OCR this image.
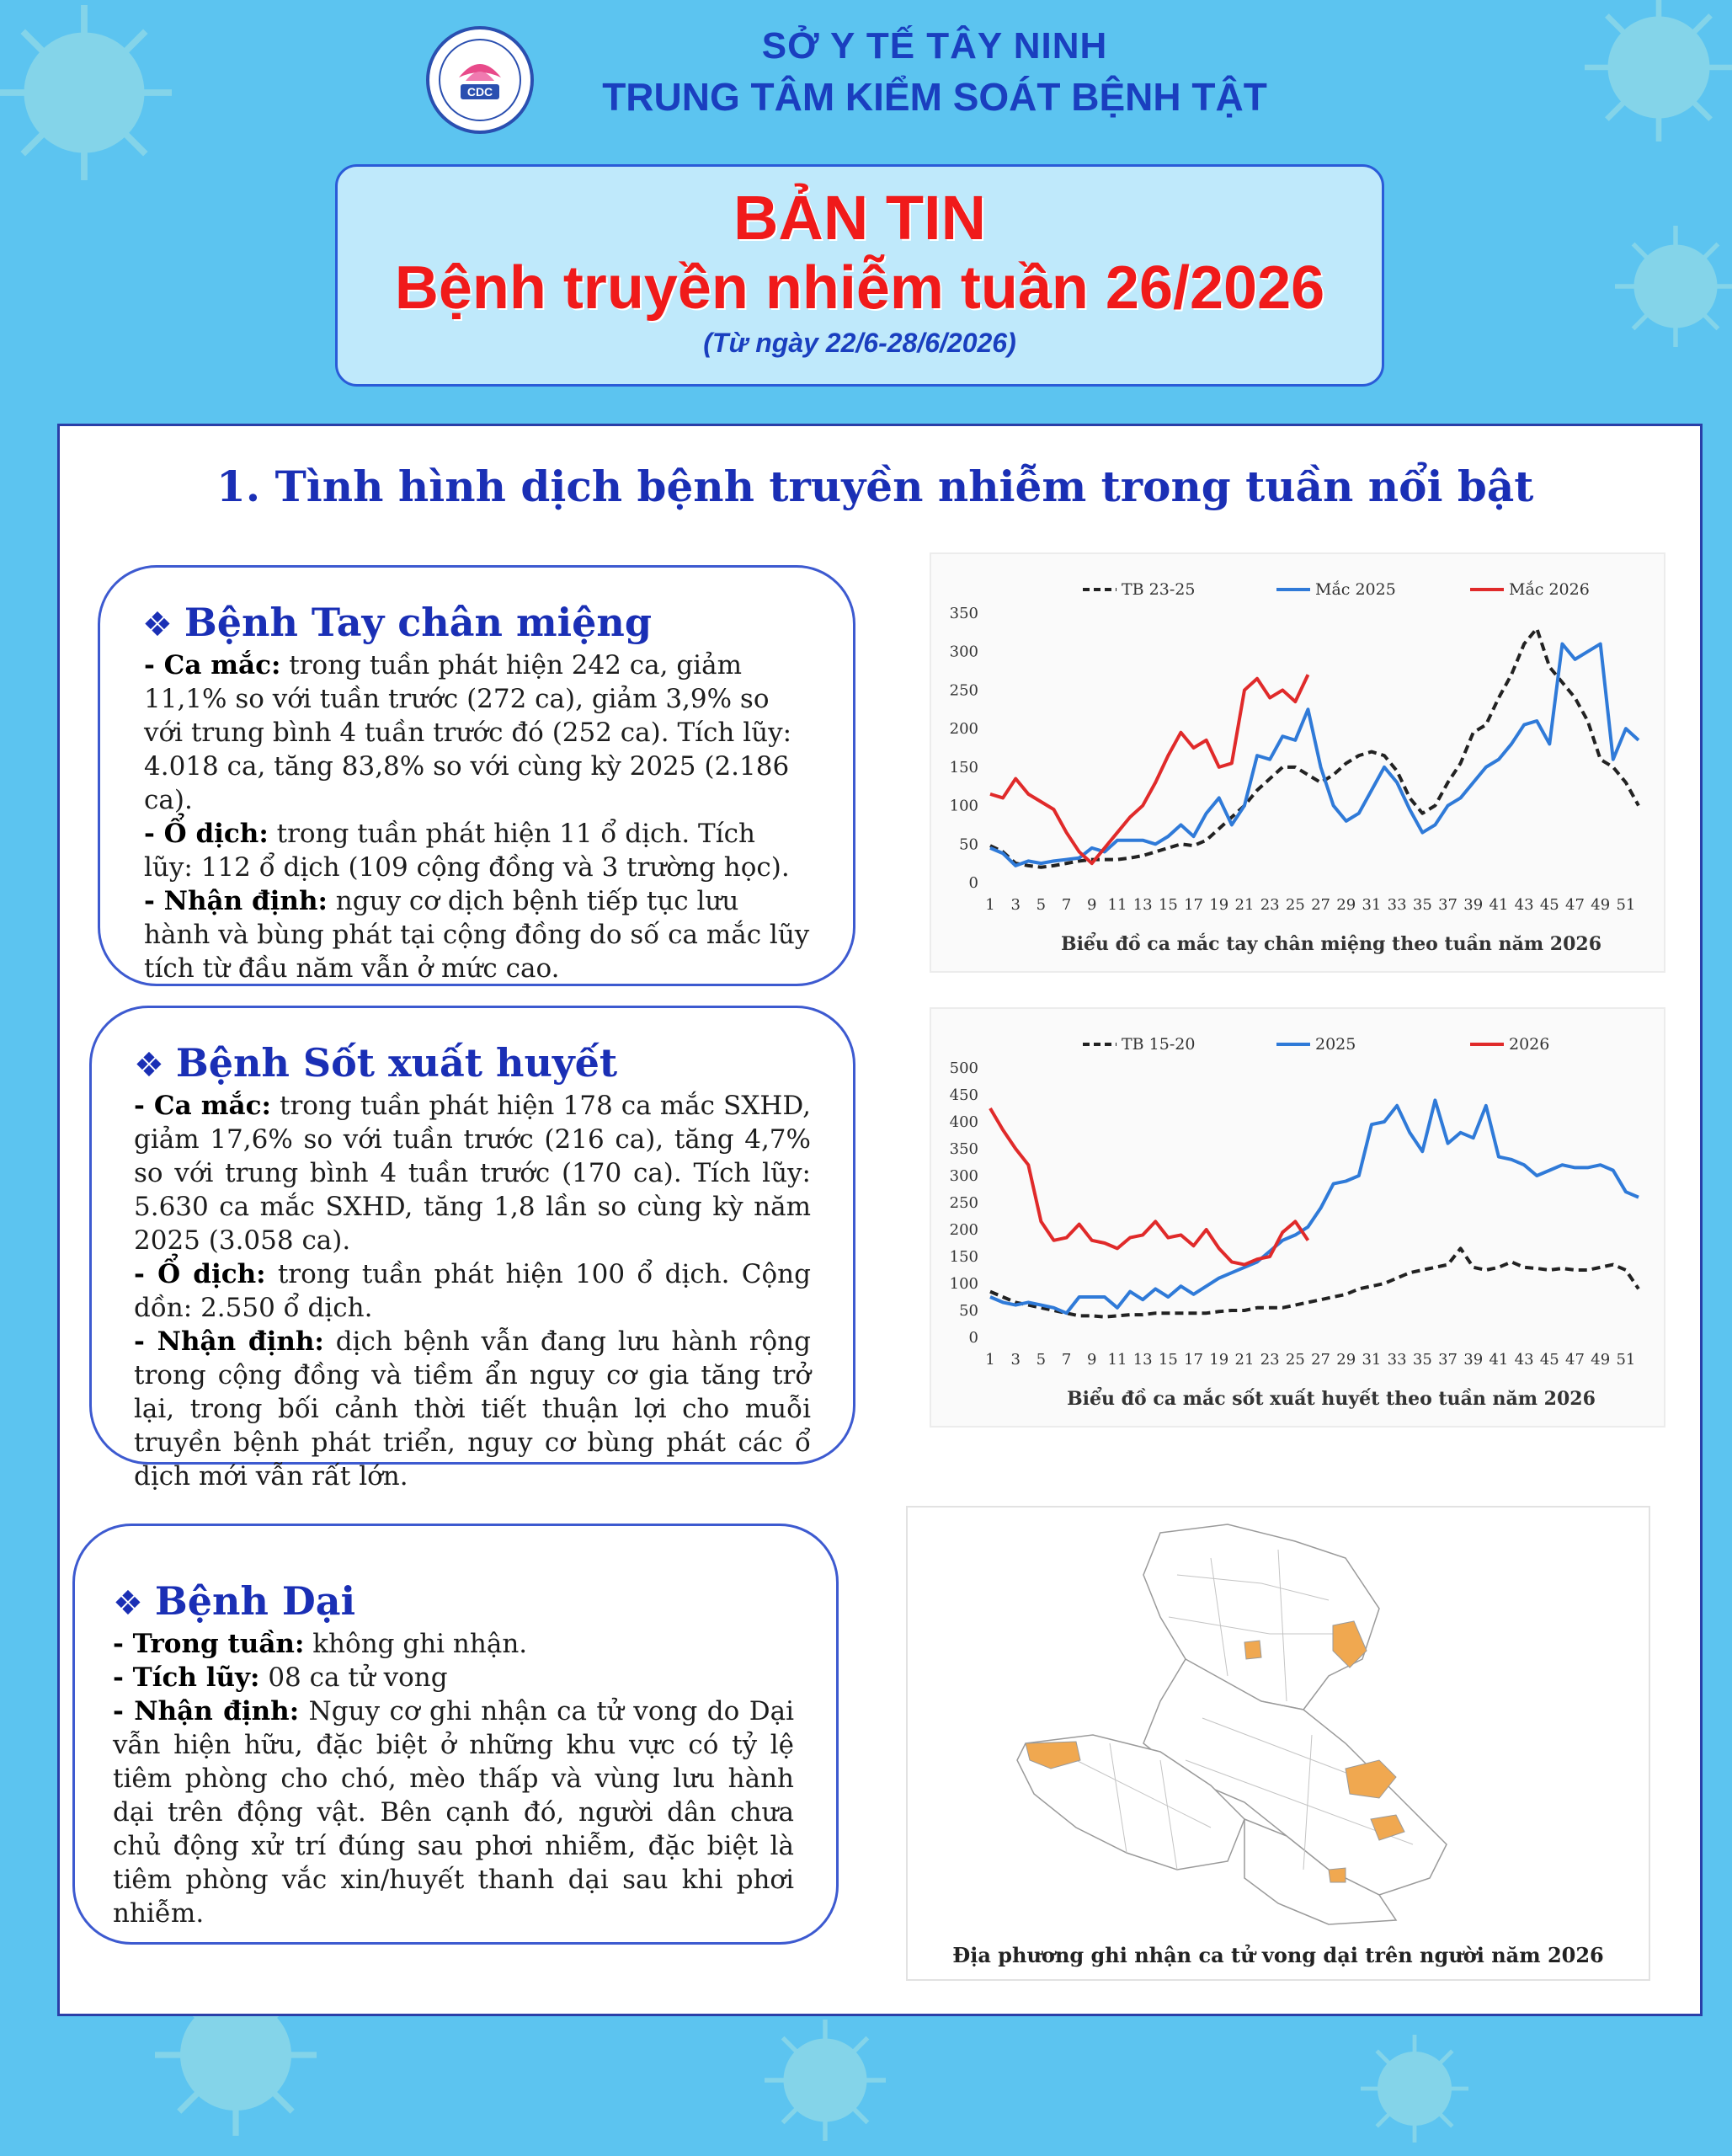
CDC
SỞ Y TẾ TÂY NINH
TRUNG TÂM KIỂM SOÁT BỆNH TẬT
BẢN TIN
Bệnh truyền nhiễm tuần 26/2026
(Từ ngày 22/6-28/6/2026)
1. Tình hình dịch bệnh truyền nhiễm trong tuần nổi bật
❖ Bệnh Tay chân miệng

- Ca mắc: trong tuần phát hiện 242 ca, giảm 11,1% so với tuần trước (272 ca), giảm 3,9% so với trung bình 4 tuần trước đó (252 ca). Tích lũy: 4.018 ca, tăng 83,8% so với cùng kỳ 2025 (2.186 ca).
- Ổ dịch: trong tuần phát hiện 11 ổ dịch. Tích lũy: 112 ổ dịch (109 cộng đồng và 3 trường học).
- Nhận định: nguy cơ dịch bệnh tiếp tục lưu hành và bùng phát tại cộng đồng do số ca mắc lũy tích từ đầu năm vẫn ở mức cao.

❖ Bệnh Sốt xuất huyết

- Ca mắc: trong tuần phát hiện 178 ca mắc SXHD, giảm 17,6% so với tuần trước (216 ca), tăng 4,7% so với trung bình 4 tuần trước (170 ca). Tích lũy: 5.630 ca mắc SXHD, tăng 1,8 lần so cùng kỳ năm 2025 (3.058 ca).
- Ổ dịch: trong tuần phát hiện 100 ổ dịch. Cộng dồn: 2.550 ổ dịch.
- Nhận định: dịch bệnh vẫn đang lưu hành rộng trong cộng đồng và tiềm ẩn nguy cơ gia tăng trở lại, trong bối cảnh thời tiết thuận lợi cho muỗi truyền bệnh phát triển, nguy cơ bùng phát các ổ dịch mới vẫn rất lớn.

❖ Bệnh Dại

- Trong tuần: không ghi nhận.
- Tích lũy: 08 ca tử vong
- Nhận định: Nguy cơ ghi nhận ca tử vong do Dại vẫn hiện hữu, đặc biệt ở những khu vực có tỷ lệ tiêm phòng cho chó, mèo thấp và vùng lưu hành dại trên động vật. Bên cạnh đó, người dân chưa chủ động xử trí đúng sau phơi nhiễm, đặc biệt là tiêm phòng vắc xin/huyết thanh dại sau khi phơi nhiễm.

0
50
100
150
200
250
300
350
1 3 5 7 9 11 13 15 17 19 21 23 25 27 29 31 33 35 37 39 41 43 45 47 49 51
TB 23-25	Mắc 2025	Mắc 2026
Biểu đồ ca mắc tay chân miệng theo tuần năm 2026
0
50
100
150
200
250
300
350
400
450
500
1 3 5 7 9 11 13 15 17 19 21 23 25 27 29 31 33 35 37 39 41 43 45 47 49 51
TB 15-20	2025	2026
Biểu đồ ca mắc sốt xuất huyết theo tuần năm 2026
Địa phương ghi nhận ca tử vong dại trên người năm 2026
